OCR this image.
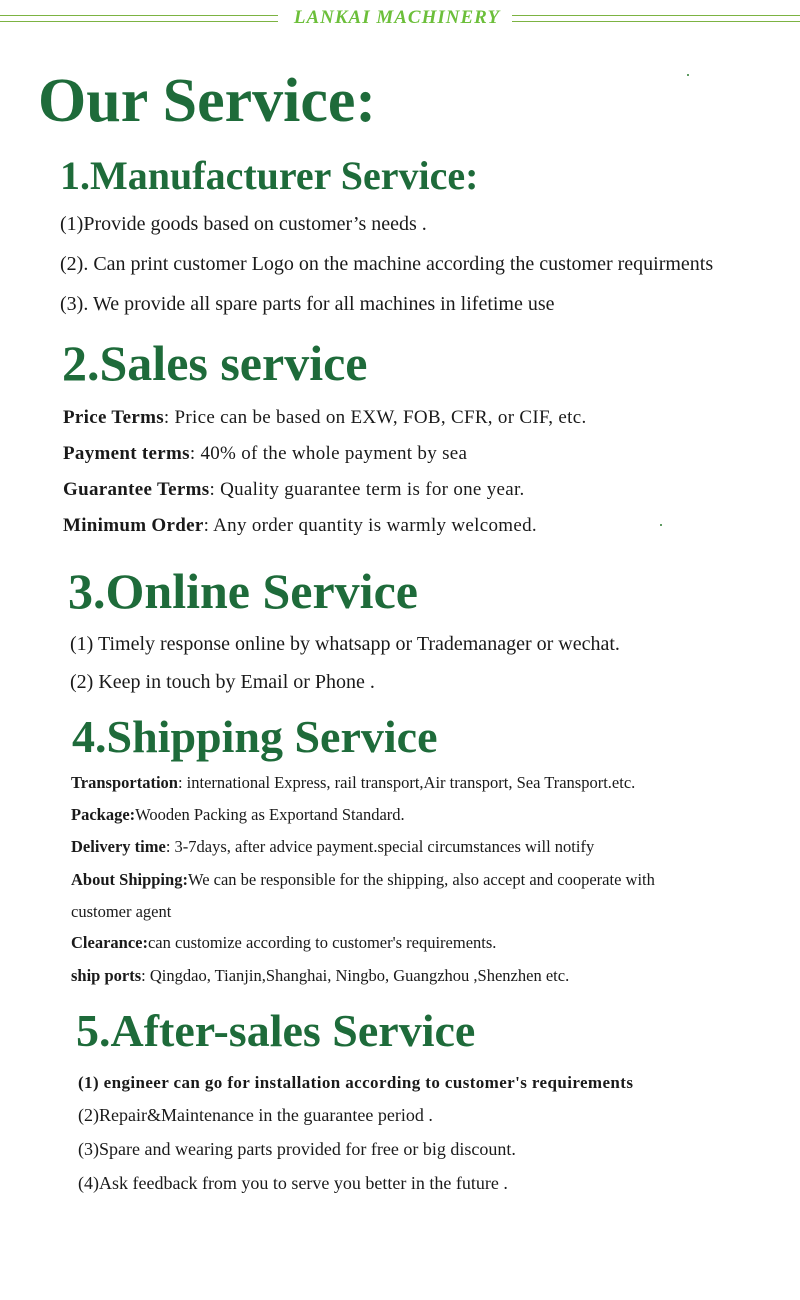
LANKAI MACHINERY
Our Service:
1.Manufacturer Service:
(1)Provide goods based on customer’s needs .
(2). Can print customer Logo on the machine according the customer requirments
(3). We provide all spare parts for all machines in lifetime use
2.Sales service
Price Terms: Price can be based on EXW, FOB, CFR, or CIF, etc.
Payment terms: 40% of the whole payment by sea
Guarantee Terms: Quality guarantee term is for one year.
Minimum Order: Any order quantity is warmly welcomed.
3.Online Service
(1) Timely response online by whatsapp or Trademanager or wechat.
(2) Keep in touch by Email or Phone .
4.Shipping Service
Transportation: international Express, rail transport,Air transport, Sea Transport.etc.
Package:Wooden Packing as Exportand Standard.
Delivery time: 3-7days, after advice payment.special circumstances will notify
About Shipping:We can be responsible for the shipping, also accept and cooperate with
customer agent
Clearance:can customize according to customer's requirements.
ship ports: Qingdao, Tianjin,Shanghai, Ningbo, Guangzhou ,Shenzhen etc.
5.After-sales Service
(1) engineer can go for installation according to customer's requirements
(2)Repair&Maintenance in the guarantee period .
(3)Spare and wearing parts provided for free or big discount.
(4)Ask feedback from you to serve you better in the future .
